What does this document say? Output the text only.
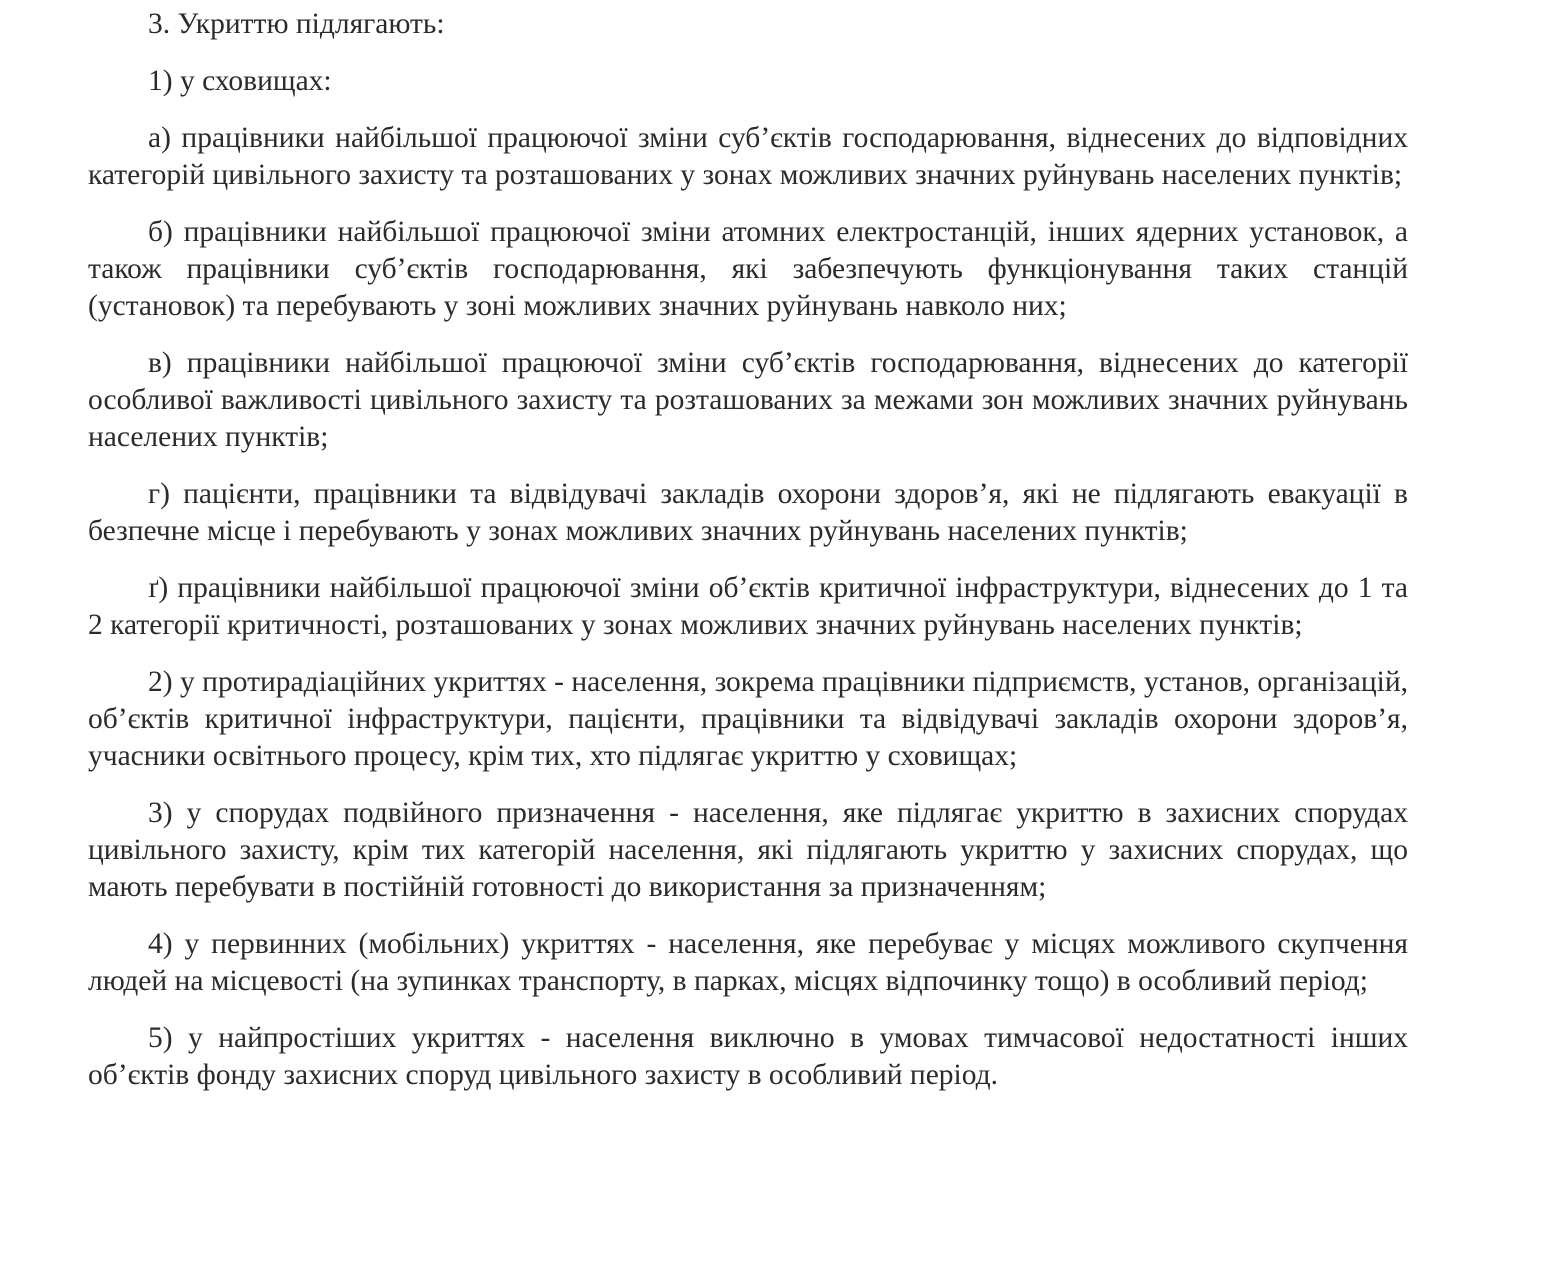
3. Укриттю підлягають:

1) у сховищах:

а) працівники найбільшої працюючої зміни суб’єктів господарювання, віднесених до відповідних категорій цивільного захисту та розташованих у зонах можливих значних руйнувань населених пунктів;

б) працівники найбільшої працюючої зміни атомних електростанцій, інших ядерних установок, а також працівники суб’єктів господарювання, які забезпечують функціонування таких станцій (установок) та перебувають у зоні можливих значних руйнувань навколо них;

в) працівники найбільшої працюючої зміни суб’єктів господарювання, віднесених до категорії особливої важливості цивільного захисту та розташованих за межами зон можливих значних руйнувань населених пунктів;

г) пацієнти, працівники та відвідувачі закладів охорони здоров’я, які не підлягають евакуації в безпечне місце і перебувають у зонах можливих значних руйнувань населених пунктів;

ґ) працівники найбільшої працюючої зміни об’єктів критичної інфраструктури, віднесених до 1 та 2 категорії критичності, розташованих у зонах можливих значних руйнувань населених пунктів;

2) у протирадіаційних укриттях - населення, зокрема працівники підприємств, установ, організацій, об’єктів критичної інфраструктури, пацієнти, працівники та відвідувачі закладів охорони здоров’я, учасники освітнього процесу, крім тих, хто підлягає укриттю у сховищах;

3) у спорудах подвійного призначення - населення, яке підлягає укриттю в захисних спорудах цивільного захисту, крім тих категорій населення, які підлягають укриттю у захисних спорудах, що мають перебувати в постійній готовності до використання за призначенням;

4) у первинних (мобільних) укриттях - населення, яке перебуває у місцях можливого скупчення людей на місцевості (на зупинках транспорту, в парках, місцях відпочинку тощо) в особливий період;

5) у найпростіших укриттях - населення виключно в умовах тимчасової недостатності інших об’єктів фонду захисних споруд цивільного захисту в особливий період.
